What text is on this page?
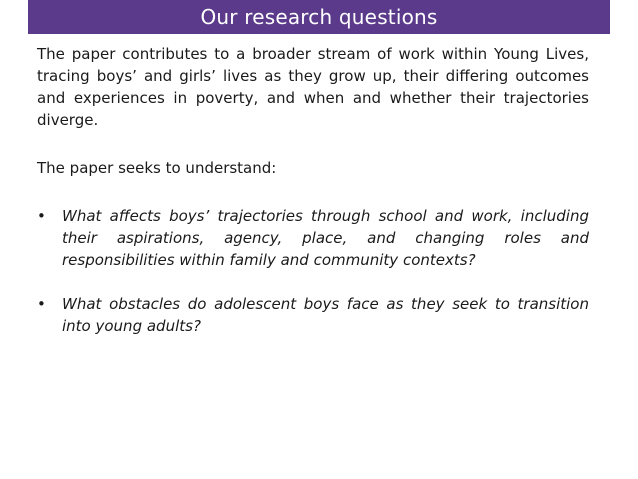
Our research questions

The paper contributes to a broader stream of work within Young Lives, tracing boys’ and girls’ lives as they grow up, their differing outcomes and experiences in poverty, and when and whether their trajectories diverge.

The paper seeks to understand:

• What affects boys’ trajectories through school and work, including their aspirations, agency, place, and changing roles and responsibilities within family and community contexts?
• What obstacles do adolescent boys face as they seek to transition into young adults?
